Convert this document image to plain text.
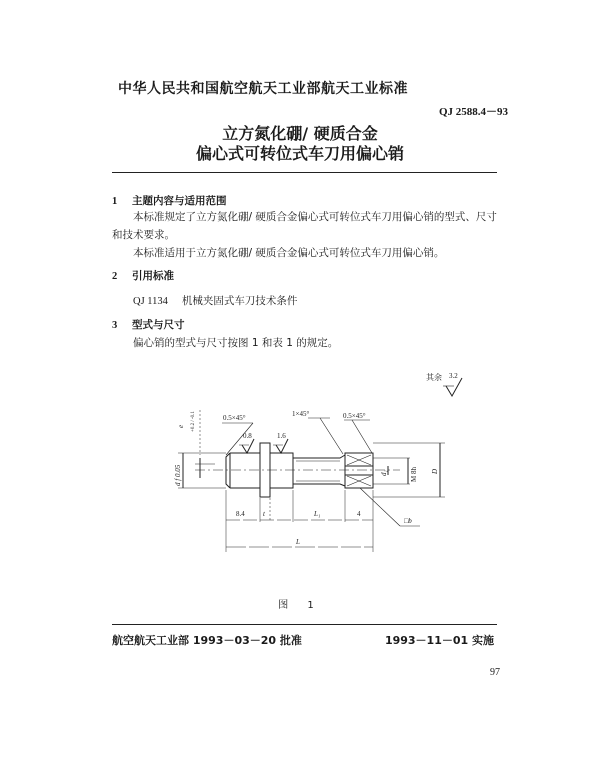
中华人民共和国航空航天工业部航天工业标准
QJ 2588.4－93
立方氮化硼/ 硬质合金
偏心式可转位式车刀用偏心销
1 主题内容与适用范围
本标准规定了立方氮化硼/ 硬质合金偏心式可转位式车刀用偏心销的型式、尺寸和技术要求。
本标准适用于立方氮化硼/ 硬质合金偏心式可转位式车刀用偏心销。
2 引用标准
QJ 1134 机械夹固式车刀技术条件
3 型式与尺寸
偏心销的型式与尺寸按图 1 和表 1 的规定。
其余 3.2
0.5×45°	1×45°	0.5×45°
0.8	1.6
e +0.2 / -0.1
d f 0.05	d₁	M 8h D
8.4	t	L₁	4
L
□b
图 1
航空航天工业部 1993－03－20 批准	1993－11－01 实施
97
